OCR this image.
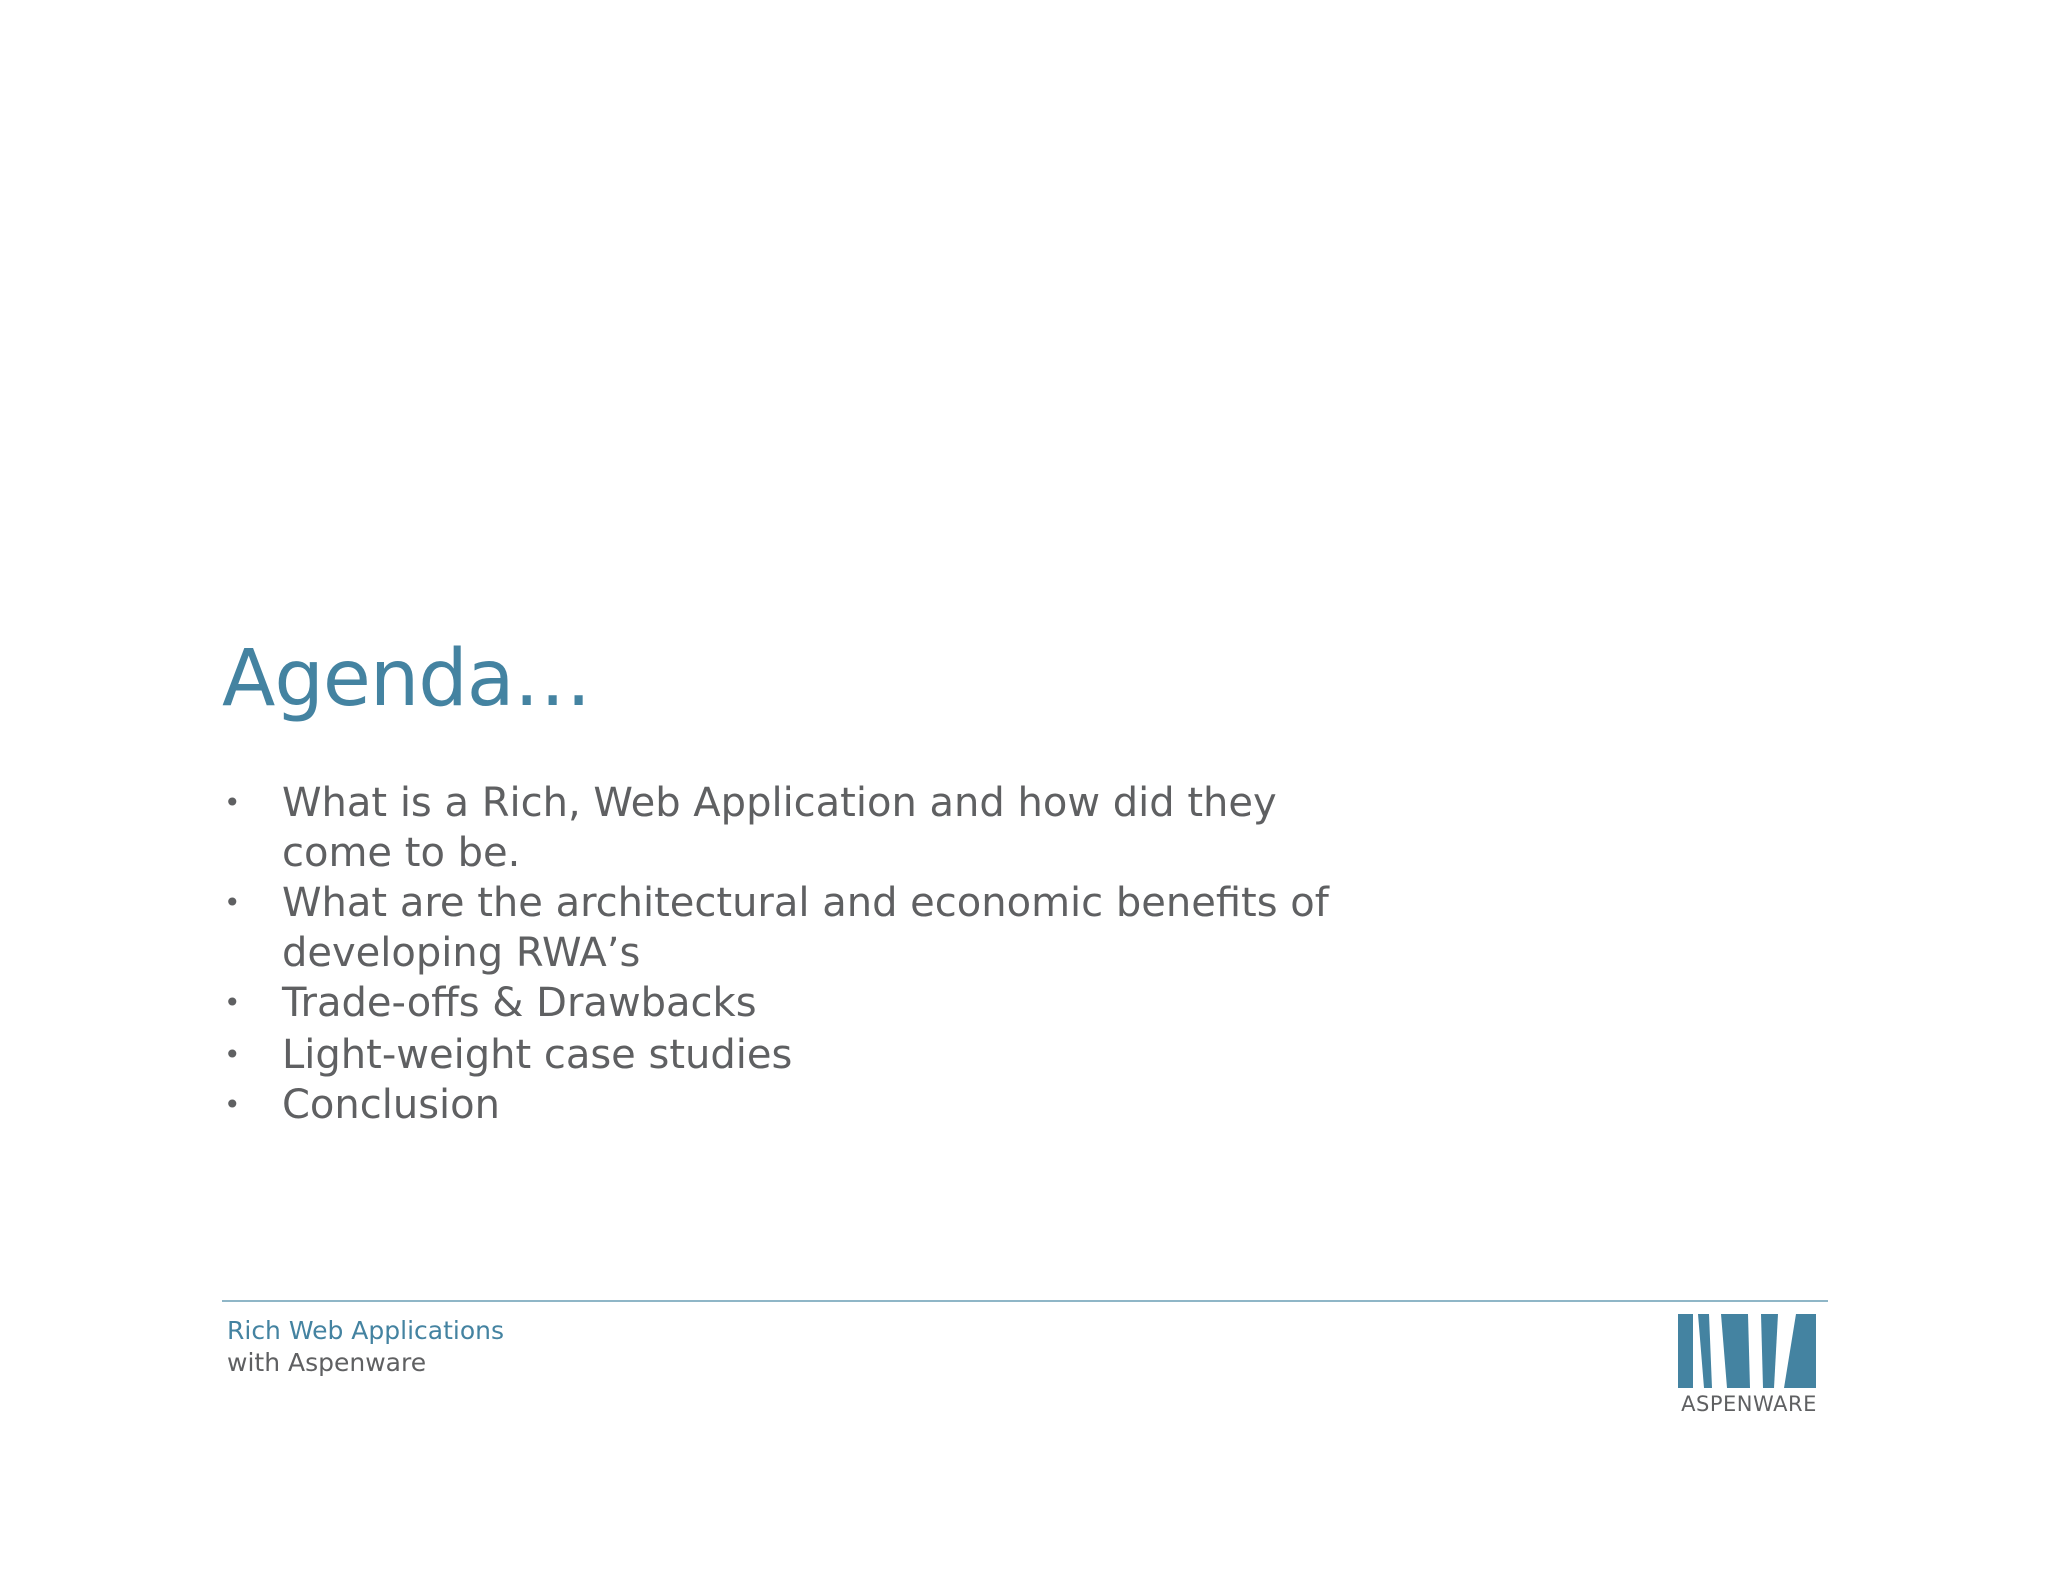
Agenda…
• What is a Rich, Web Application and how did they come to be.
• What are the architectural and economic benefits of developing RWA’s
• Trade-offs & Drawbacks
• Light-weight case studies
• Conclusion
Rich Web Applications
with Aspenware
ASPENWARE
